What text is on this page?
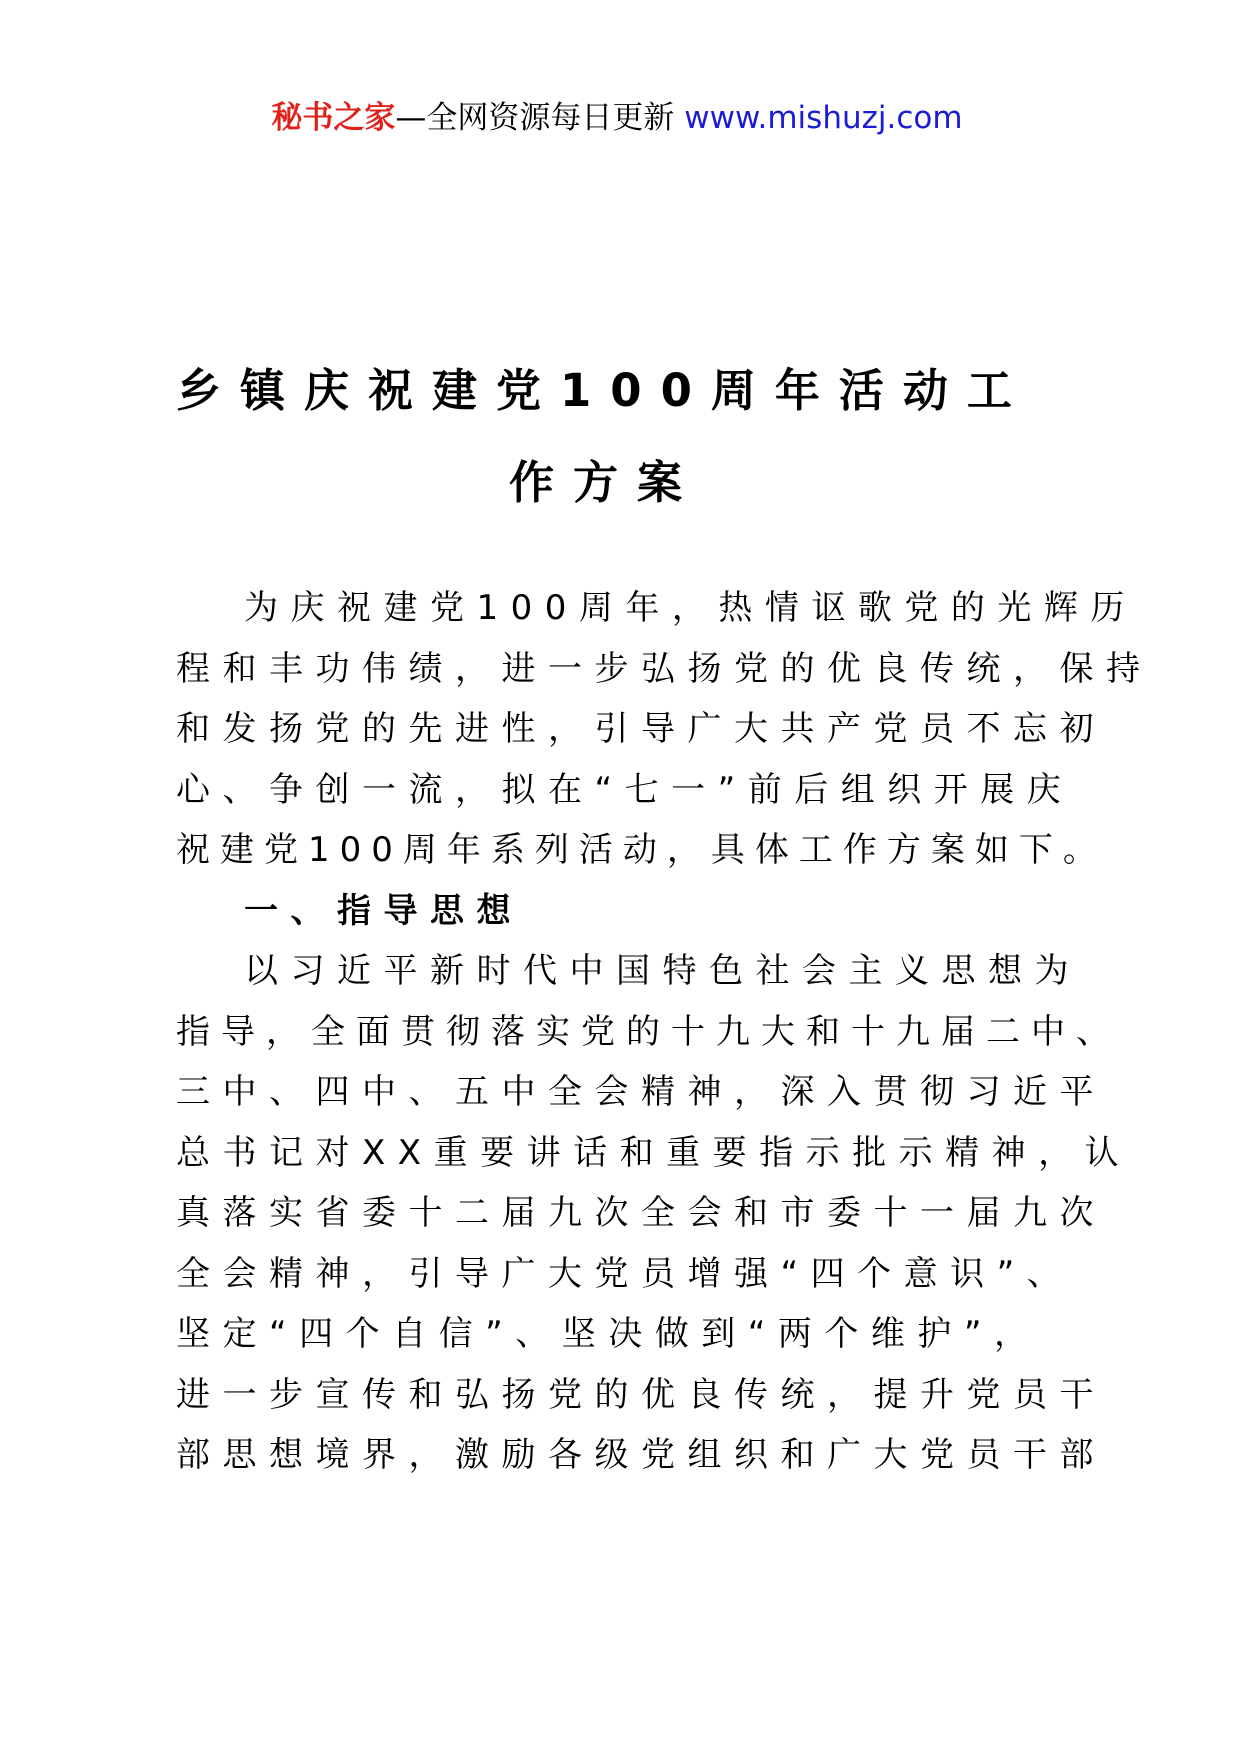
秘书之家—全网资源每日更新 www.mishuzj.com
乡镇庆祝建党100周年活动工
作方案
为庆祝建党100周年，热情讴歌党的光辉历
程和丰功伟绩，进一步弘扬党的优良传统，保持
和发扬党的先进性，引导广大共产党员不忘初
心、争创一流，拟在“七一”前后组织开展庆
祝建党100周年系列活动，具体工作方案如下。
一、指导思想
以习近平新时代中国特色社会主义思想为
指导，全面贯彻落实党的十九大和十九届二中、
三中、四中、五中全会精神，深入贯彻习近平
总书记对XX重要讲话和重要指示批示精神，认
真落实省委十二届九次全会和市委十一届九次
全会精神，引导广大党员增强“四个意识”、
坚定“四个自信”、坚决做到“两个维护”，
进一步宣传和弘扬党的优良传统，提升党员干
部思想境界，激励各级党组织和广大党员干部
